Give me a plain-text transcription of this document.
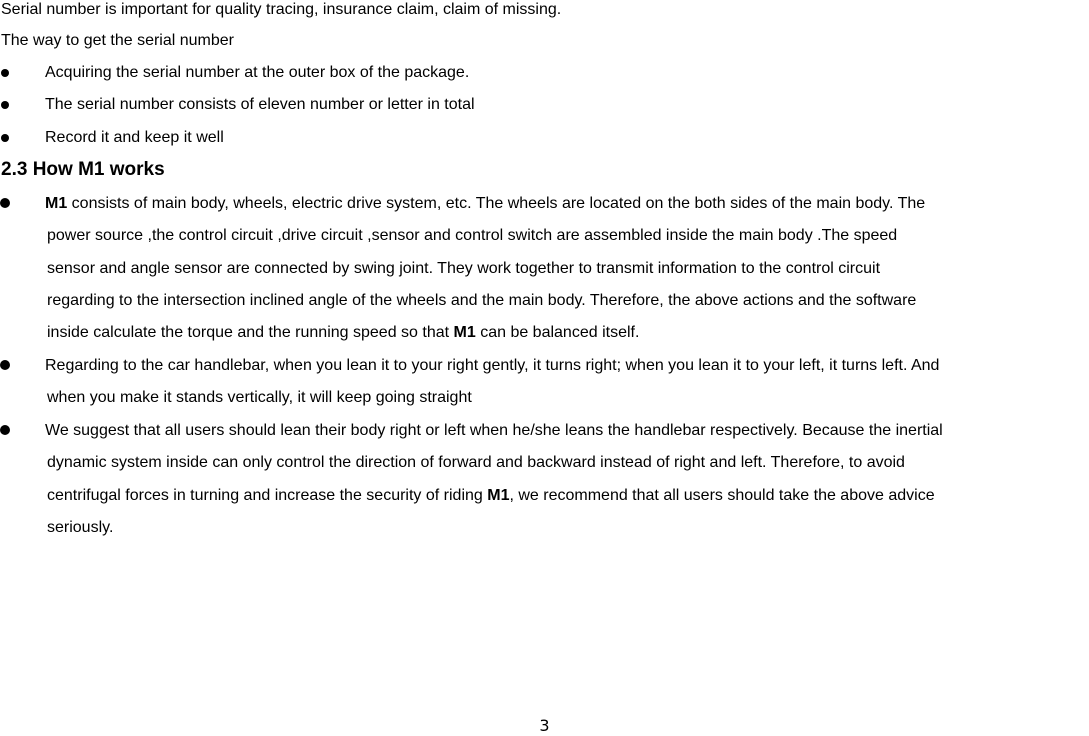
Serial number is important for quality tracing, insurance claim, claim of missing.
The way to get the serial number
Acquiring the serial number at the outer box of the package.
The serial number consists of eleven number or letter in total
Record it and keep it well
2.3 How M1 works
M1 consists of main body, wheels, electric drive system, etc. The wheels are located on the both sides of the main body. The
power source ,the control circuit ,drive circuit ,sensor and control switch are assembled inside the main body .The speed
sensor and angle sensor are connected by swing joint. They work together to transmit information to the control circuit
regarding to the intersection inclined angle of the wheels and the main body. Therefore, the above actions and the software
inside calculate the torque and the running speed so that M1 can be balanced itself.
Regarding to the car handlebar, when you lean it to your right gently, it turns right; when you lean it to your left, it turns left. And
when you make it stands vertically, it will keep going straight
We suggest that all users should lean their body right or left when he/she leans the handlebar respectively. Because the inertial
dynamic system inside can only control the direction of forward and backward instead of right and left. Therefore, to avoid
centrifugal forces in turning and increase the security of riding M1, we recommend that all users should take the above advice
seriously.
3
